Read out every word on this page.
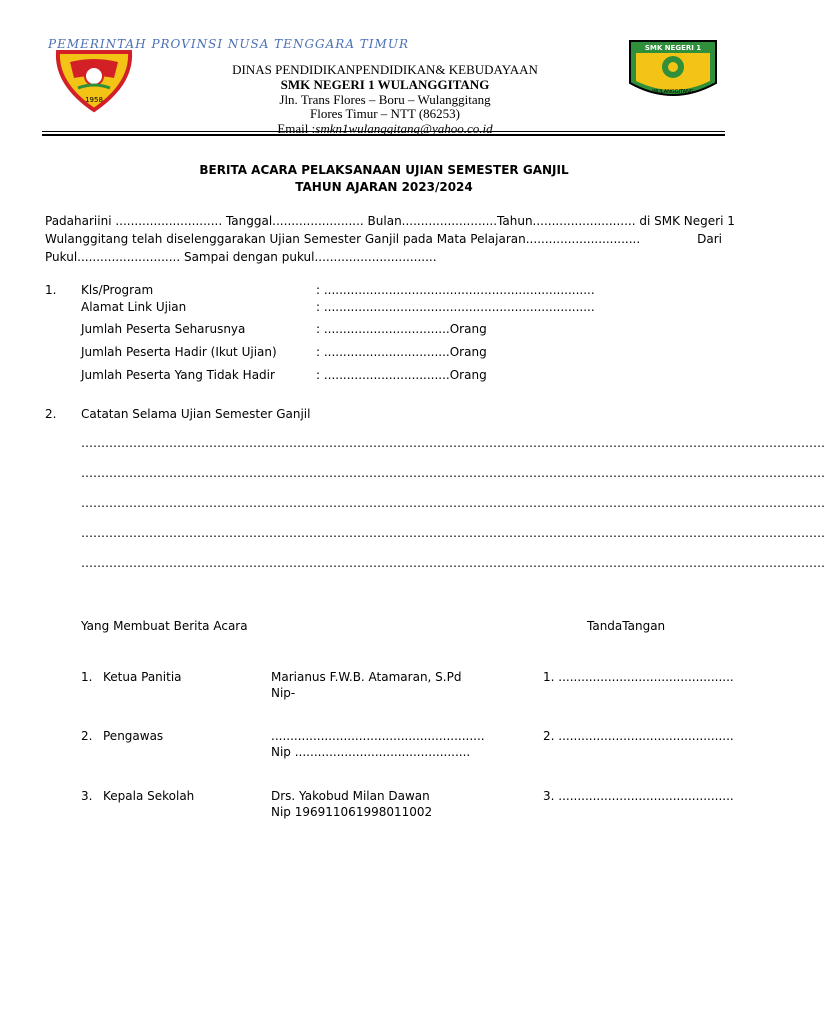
PEMERINTAH PROVINSI NUSA TENGGARA TIMUR
1958
SMK NEGERI 1
WULANGGITANG
DINAS PENDIDIKANPENDIDIKAN& KEBUDAYAAN
SMK NEGERI 1 WULANGGITANG
Jln. Trans Flores – Boru – Wulanggitang
Flores Timur – NTT (86253)
Email :smkn1wulanggitang@yahoo.co.id
BERITA ACARA PELAKSANAAN UJIAN SEMESTER GANJIL
TAHUN AJARAN 2023/2024
Padahariini ............................ Tanggal........................ Bulan.........................Tahun........................... di SMK Negeri 1
Wulanggitang telah diselenggarakan Ujian Semester Ganjil pada Mata Pelajaran..............................	Dari
Pukul........................... Sampai dengan pukul................................
1. Kls/Program	: .......................................................................
Alamat Link Ujian	: .......................................................................
Jumlah Peserta Seharusnya	: .................................Orang
Jumlah Peserta Hadir (Ikut Ujian)	: .................................Orang
Jumlah Peserta Yang Tidak Hadir	: .................................Orang
2. Catatan Selama Ujian Semester Ganjil
……………………………………………………………………………………………………………………………………………………………………
……………………………………………………………………………………………………………………………………………………………………
……………………………………………………………………………………………………………………………………………………………………
……………………………………………………………………………………………………………………………………………………………………
……………………………………………………………………………………………………………………………………………………………………
Yang Membuat Berita Acara	TandaTangan
1. Ketua Panitia	Marianus F.W.B. Atamaran, S.Pd
Nip-
1. ..............................................
2. Pengawas	........................................................
Nip ..............................................
2. ..............................................
3. Kepala Sekolah	Drs. Yakobud Milan Dawan
Nip 196911061998011002
3. ..............................................
